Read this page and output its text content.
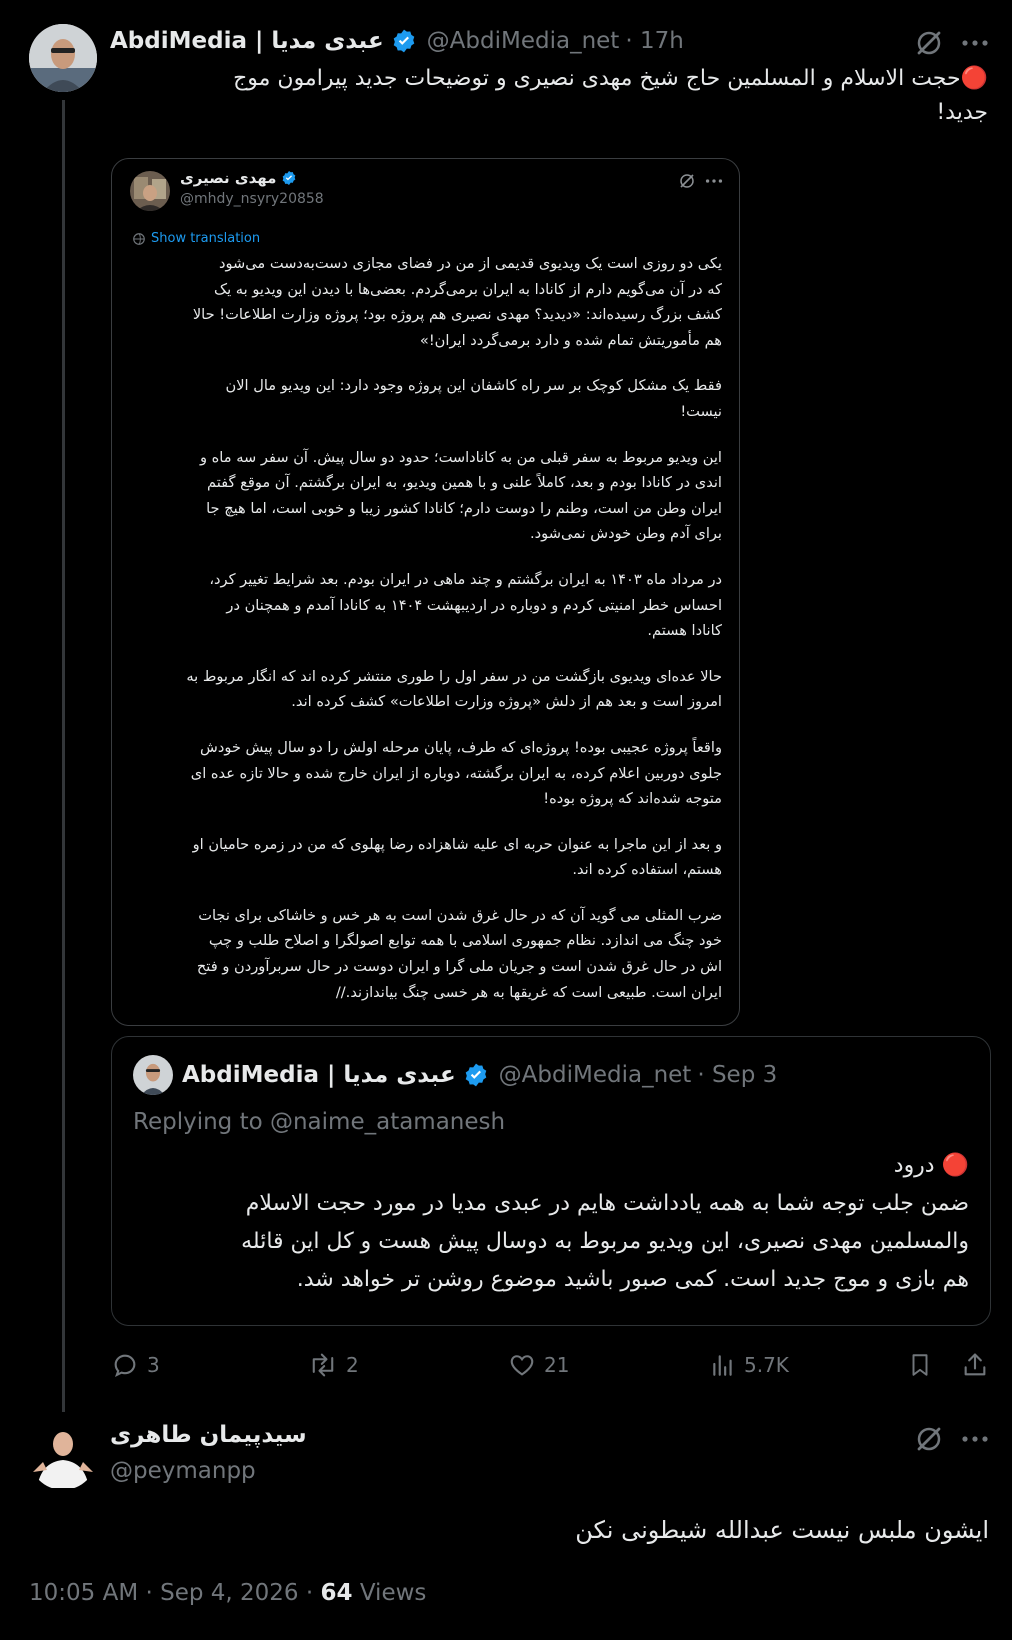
AbdiMedia | عبدی مدیا @AbdiMedia_net · 17h
🔴حجت الاسلام و المسلمین حاج شیخ مهدی نصیری و توضیحات جدید پیرامون موج
جدید!
مهدی نصیری
@mhdy_nsyry20858
Show translation
یکی دو روزی است یک ویدیوی قدیمی از من در فضای مجازی دست‌به‌دست می‌شود
که در آن می‌گویم دارم از کانادا به ایران برمی‌گردم. بعضی‌ها با دیدن این ویدیو به یک
کشف بزرگ رسیده‌اند: «دیدید؟ مهدی نصیری هم پروژه بود؛ پروژه وزارت اطلاعات! حالا
هم مأموریتش تمام شده و دارد برمی‌گردد ایران!»
فقط یک مشکل کوچک بر سر راه کاشفان این پروژه وجود دارد: این ویدیو مال الان
نیست!
این ویدیو مربوط به سفر قبلی من به کاناداست؛ حدود دو سال پیش. آن سفر سه ماه و
اندی در کانادا بودم و بعد، کاملاً علنی و با همین ویدیو، به ایران برگشتم. آن موقع گفتم
ایران وطن من است، وطنم را دوست دارم؛ کانادا کشور زیبا و خوبی است، اما هیچ جا
برای آدم وطن خودش نمی‌شود.
در مرداد ماه ۱۴۰۳ به ایران برگشتم و چند ماهی در ایران بودم. بعد شرایط تغییر کرد،
احساس خطر امنیتی کردم و دوباره در اردیبهشت ۱۴۰۴ به کانادا آمدم و همچنان در
کانادا هستم.
حالا عده‌ای ویدیوی بازگشت من در سفر اول را طوری منتشر کرده اند که انگار مربوط به
امروز است و بعد هم از دلش «پروژه وزارت اطلاعات» کشف کرده اند.
واقعاً پروژه عجیبی بوده! پروژه‌ای که طرف، پایان مرحله اولش را دو سال پیش خودش
جلوی دوربین اعلام کرده، به ایران برگشته، دوباره از ایران خارج شده و حالا تازه عده ای
متوجه شده‌اند که پروژه بوده!
و بعد از این ماجرا به عنوان حربه ای علیه شاهزاده رضا پهلوی که من در زمره حامیان او
هستم، استفاده کرده اند.
ضرب المثلی می گوید آن که در حال غرق شدن است به هر خس و خاشاکی برای نجات
خود چنگ می اندازد. نظام جمهوری اسلامی با همه توابع اصولگرا و اصلاح طلب و چپ
اش در حال غرق شدن است و جریان ملی گرا و ایران دوست در حال سربرآوردن و فتح
ایران است. طبیعی است که غریقها به هر خسی چنگ بیاندازند.//
AbdiMedia | عبدی مدیا @AbdiMedia_net · Sep 3
Replying to @naime_atamanesh
🔴 درود
ضمن جلب توجه شما به همه یادداشت هایم در عبدی مدیا در مورد حجت الاسلام
والمسلمین مهدی نصیری، این ویدیو مربوط به دوسال پیش هست و کل این قائله
هم بازی و موج جدید است. کمی صبور باشید موضوع روشن تر خواهد شد.
3	2	21	5.7K
سیدپیمان طاهری
@peymanpp
ایشون ملبس نیست عبدالله شیطونی نکن
10:05 AM · Sep 4, 2026 · 64 Views
